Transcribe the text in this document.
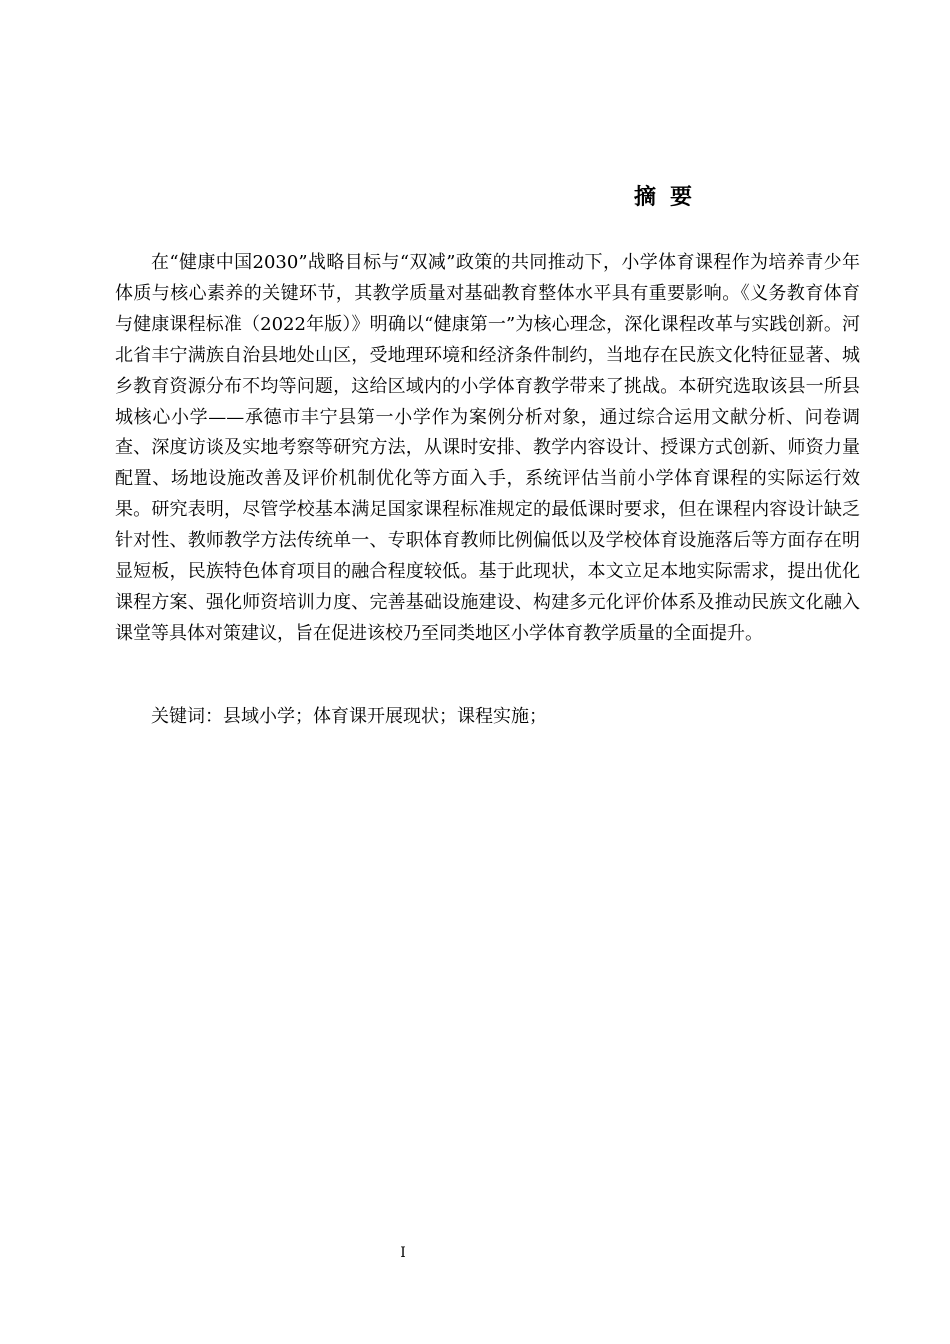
摘要

在“健康中国2030”战略目标与“双减”政策的共同推动下，小学体育课程作为培养青少年体质与核心素养的关键环节，其教学质量对基础教育整体水平具有重要影响。《义务教育体育与健康课程标准（2022年版）》明确以“健康第一”为核心理念，深化课程改革与实践创新。河北省丰宁满族自治县地处山区，受地理环境和经济条件制约，当地存在民族文化特征显著、城乡教育资源分布不均等问题，这给区域内的小学体育教学带来了挑战。本研究选取该县一所县城核心小学——承德市丰宁县第一小学作为案例分析对象，通过综合运用文献分析、问卷调查、深度访谈及实地考察等研究方法，从课时安排、教学内容设计、授课方式创新、师资力量配置、场地设施改善及评价机制优化等方面入手，系统评估当前小学体育课程的实际运行效果。研究表明，尽管学校基本满足国家课程标准规定的最低课时要求，但在课程内容设计缺乏针对性、教师教学方法传统单一、专职体育教师比例偏低以及学校体育设施落后等方面存在明显短板，民族特色体育项目的融合程度较低。基于此现状，本文立足本地实际需求，提出优化课程方案、强化师资培训力度、完善基础设施建设、构建多元化评价体系及推动民族文化融入课堂等具体对策建议，旨在促进该校乃至同类地区小学体育教学质量的全面提升。

关键词：县域小学；体育课开展现状；课程实施；

I
